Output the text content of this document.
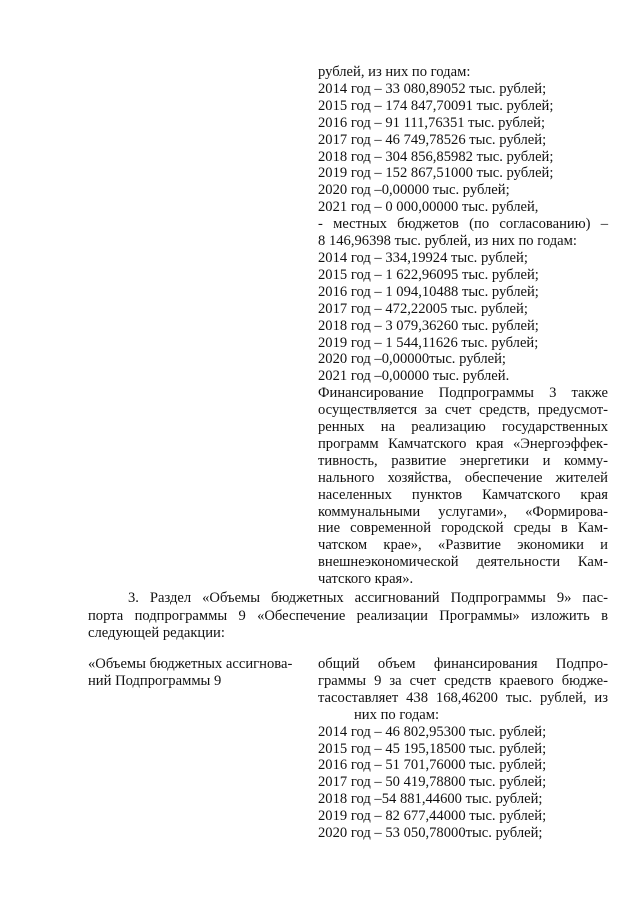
рублей, из них по годам:
2014 год – 33 080,89052 тыс. рублей;
2015 год – 174 847,70091 тыс. рублей;
2016 год – 91 111,76351 тыс. рублей;
2017 год – 46 749,78526 тыс. рублей;
2018 год – 304 856,85982 тыс. рублей;
2019 год – 152 867,51000 тыс. рублей;
2020 год –0,00000 тыс. рублей;
2021 год – 0 000,00000 тыс. рублей,
- местных бюджетов (по согласованию) –
8 146,96398 тыс. рублей, из них по годам:
2014 год – 334,19924 тыс. рублей;
2015 год – 1 622,96095 тыс. рублей;
2016 год – 1 094,10488 тыс. рублей;
2017 год – 472,22005 тыс. рублей;
2018 год – 3 079,36260 тыс. рублей;
2019 год – 1 544,11626 тыс. рублей;
2020 год –0,00000тыс. рублей;
2021 год –0,00000 тыс. рублей.
Финансирование Подпрограммы 3 также
осуществляется за счет средств, предусмот-
ренных на реализацию государственных
программ Камчатского края «Энергоэффек-
тивность, развитие энергетики и комму-
нального хозяйства, обеспечение жителей
населенных пунктов Камчатского края
коммунальными услугами», «Формирова-
ние современной городской среды в Кам-
чатском крае», «Развитие экономики и
внешнеэкономической деятельности Кам-
чатского края».
3. Раздел «Объемы бюджетных ассигнований Подпрограммы 9» пас-
порта подпрограммы 9 «Обеспечение реализации Программы» изложить в
следующей редакции:
«Объемы бюджетных ассигнова-
ний Подпрограммы 9
общий объем финансирования Подпро-
граммы 9 за счет средств краевого бюдже-
тасоставляет 438 168,46200 тыс. рублей, из
них по годам:
2014 год – 46 802,95300 тыс. рублей;
2015 год – 45 195,18500 тыс. рублей;
2016 год – 51 701,76000 тыс. рублей;
2017 год – 50 419,78800 тыс. рублей;
2018 год –54 881,44600 тыс. рублей;
2019 год – 82 677,44000 тыс. рублей;
2020 год – 53 050,78000тыс. рублей;
